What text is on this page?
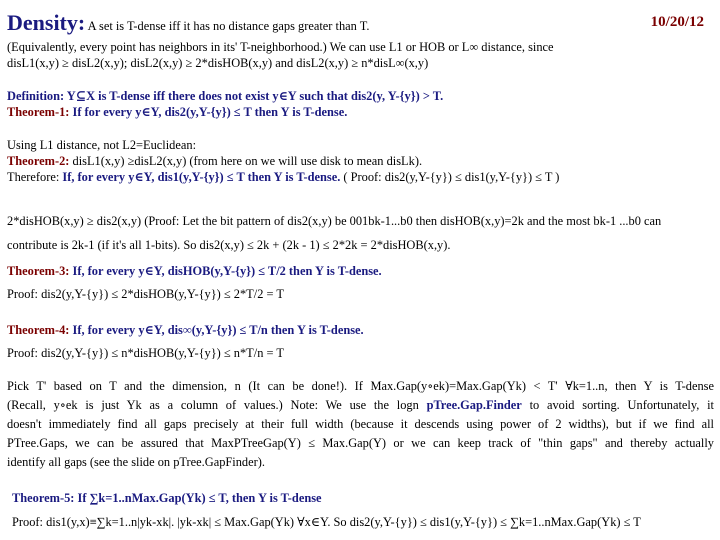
Density: A set is T-dense iff it has no distance gaps greater than T.	10/20/12
(Equivalently, every point has neighbors in its' T-neighborhood.) We can use L1 or HOB or L∞ distance, since
disL1(x,y) ≥ disL2(x,y); disL2(x,y) ≥ 2*disHOB(x,y) and disL2(x,y) ≥ n*disL∞(x,y)
Definition: Y⊆X is T-dense iff there does not exist y∈Y such that dis2(y, Y-{y}) > T.
Theorem-1: If for every y∈Y, dis2(y,Y-{y}) ≤ T then Y is T-dense.
Using L1 distance, not L2=Euclidean:
Theorem-2: disL1(x,y) ≥disL2(x,y) (from here on we will use disk to mean disLk).
Therefore: If, for every y∈Y, dis1(y,Y-{y}) ≤ T then Y is T-dense. ( Proof: dis2(y,Y-{y}) ≤ dis1(y,Y-{y}) ≤ T )
2*disHOB(x,y) ≥ dis2(x,y) (Proof: Let the bit pattern of dis2(x,y) be 001bk-1...b0 then disHOB(x,y)=2k and the most bk-1 ...b0 can
contribute is 2k-1 (if it's all 1-bits). So dis2(x,y) ≤ 2k + (2k - 1) ≤ 2*2k = 2*disHOB(x,y).
Theorem-3: If, for every y∈Y, disHOB(y,Y-{y}) ≤ T/2 then Y is T-dense.
Proof: dis2(y,Y-{y}) ≤ 2*disHOB(y,Y-{y}) ≤ 2*T/2 = T
Theorem-4: If, for every y∈Y, dis∞(y,Y-{y}) ≤ T/n then Y is T-dense.
Proof: dis2(y,Y-{y}) ≤ n*disHOB(y,Y-{y}) ≤ n*T/n = T
Pick T' based on T and the dimension, n (It can be done!). If Max.Gap(y∘ek)=Max.Gap(Yk) < T' ∀k=1..n, then Y is T-dense
(Recall, y∘ek is just Yk as a column of values.) Note: We use the logn pTree.Gap.Finder to avoid sorting. Unfortunately, it
doesn't immediately find all gaps precisely at their full width (because it descends using power of 2 widths), but if we find all
PTree.Gaps, we can be assured that MaxPTreeGap(Y) ≤ Max.Gap(Y) or we can keep track of "thin gaps" and thereby actually
identify all gaps (see the slide on pTree.GapFinder).
Theorem-5: If ∑k=1..nMax.Gap(Yk) ≤ T, then Y is T-dense
Proof: dis1(y,x)≡∑k=1..n|yk-xk|. |yk-xk| ≤ Max.Gap(Yk) ∀x∈Y. So dis2(y,Y-{y}) ≤ dis1(y,Y-{y}) ≤ ∑k=1..nMax.Gap(Yk) ≤ T
